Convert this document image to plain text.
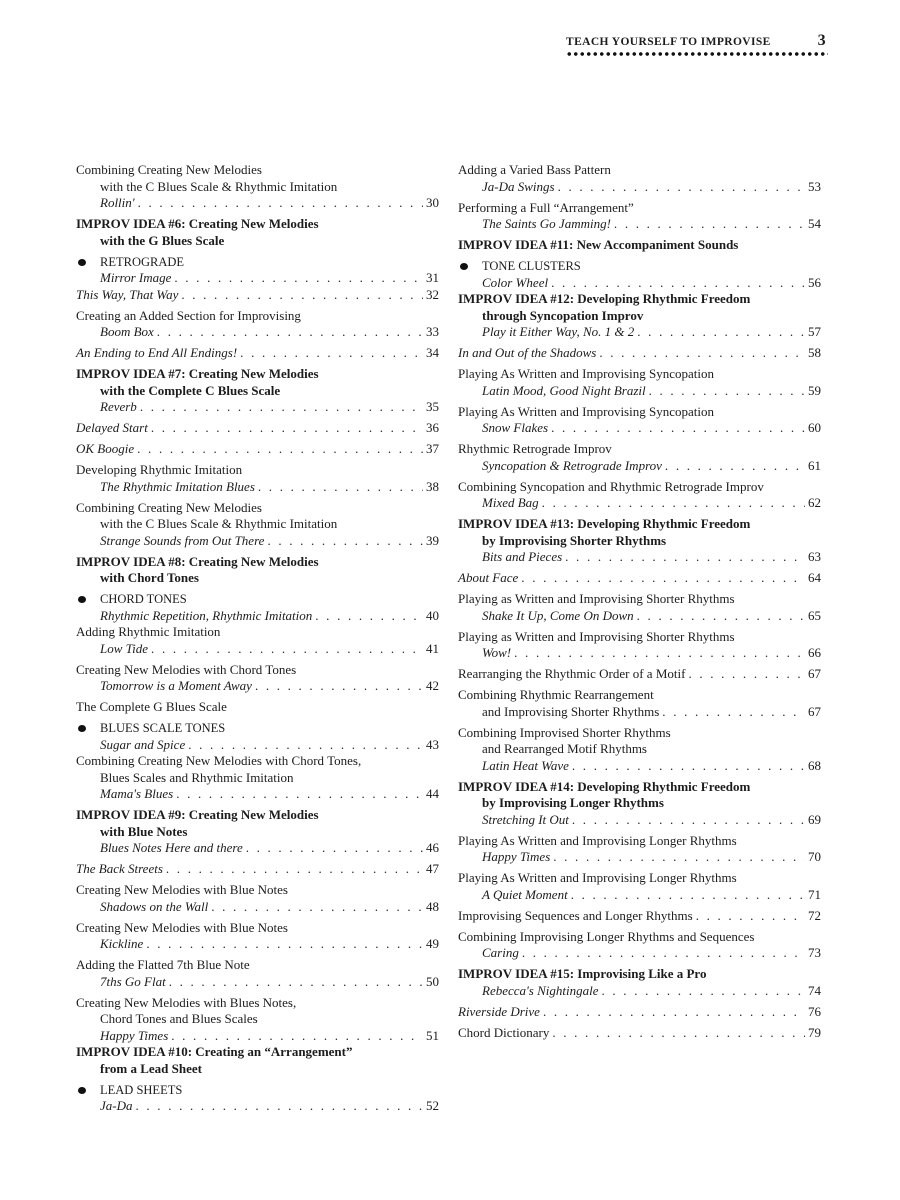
TEACH YOURSELF TO IMPROVISE	3
Combining Creating New Melodies
with the C Blues Scale & Rhythmic Imitation
Rollin' . . .	30
IMPROV IDEA #6: Creating New Melodies
with the G Blues Scale
RETROGRADE
Mirror Image . . .	31
This Way, That Way . . .	32
Creating an Added Section for Improvising
Boom Box . . .	33
An Ending to End All Endings! . . .	34
IMPROV IDEA #7: Creating New Melodies
with the Complete C Blues Scale
Reverb . . .	35
Delayed Start . . .	36
OK Boogie . . .	37
Developing Rhythmic Imitation
The Rhythmic Imitation Blues . . .	38
Combining Creating New Melodies
with the C Blues Scale & Rhythmic Imitation
Strange Sounds from Out There . . .	39
IMPROV IDEA #8: Creating New Melodies
with Chord Tones
CHORD TONES
Rhythmic Repetition, Rhythmic Imitation . . .	40
Adding Rhythmic Imitation
Low Tide . . .	41
Creating New Melodies with Chord Tones
Tomorrow is a Moment Away . . .	42
The Complete G Blues Scale
BLUES SCALE TONES
Sugar and Spice . . .	43
Combining Creating New Melodies with Chord Tones,
Blues Scales and Rhythmic Imitation
Mama's Blues . . .	44
IMPROV IDEA #9: Creating New Melodies
with Blue Notes
Blues Notes Here and there . . .	46
The Back Streets . . .	47
Creating New Melodies with Blue Notes
Shadows on the Wall . . .	48
Creating New Melodies with Blue Notes
Kickline . . .	49
Adding the Flatted 7th Blue Note
7ths Go Flat . . .	50
Creating New Melodies with Blues Notes,
Chord Tones and Blues Scales
Happy Times . . .	51
IMPROV IDEA #10: Creating an “Arrangement”
from a Lead Sheet
LEAD SHEETS
Ja-Da . . .	52
Adding a Varied Bass Pattern
Ja-Da Swings . . .	53
Performing a Full “Arrangement”
The Saints Go Jamming! . . .	54
IMPROV IDEA #11: New Accompaniment Sounds
TONE CLUSTERS
Color Wheel . . .	56
IMPROV IDEA #12: Developing Rhythmic Freedom
through Syncopation Improv
Play it Either Way, No. 1 & 2 . . .	57
In and Out of the Shadows . . .	58
Playing As Written and Improvising Syncopation
Latin Mood, Good Night Brazil . . .	59
Playing As Written and Improvising Syncopation
Snow Flakes . . .	60
Rhythmic Retrograde Improv
Syncopation & Retrograde Improv . . .	61
Combining Syncopation and Rhythmic Retrograde Improv
Mixed Bag . . .	62
IMPROV IDEA #13: Developing Rhythmic Freedom
by Improvising Shorter Rhythms
Bits and Pieces . . .	63
About Face . . .	64
Playing as Written and Improvising Shorter Rhythms
Shake It Up, Come On Down . . .	65
Playing as Written and Improvising Shorter Rhythms
Wow! . . .	66
Rearranging the Rhythmic Order of a Motif . . .	67
Combining Rhythmic Rearrangement
and Improvising Shorter Rhythms . . .	67
Combining Improvised Shorter Rhythms
and Rearranged Motif Rhythms
Latin Heat Wave . . .	68
IMPROV IDEA #14: Developing Rhythmic Freedom
by Improvising Longer Rhythms
Stretching It Out . . .	69
Playing As Written and Improvising Longer Rhythms
Happy Times . . .	70
Playing As Written and Improvising Longer Rhythms
A Quiet Moment . . .	71
Improvising Sequences and Longer Rhythms . . .	72
Combining Improvising Longer Rhythms and Sequences
Caring . . .	73
IMPROV IDEA #15: Improvising Like a Pro
Rebecca's Nightingale . . .	74
Riverside Drive . . .	76
Chord Dictionary . . .	79
